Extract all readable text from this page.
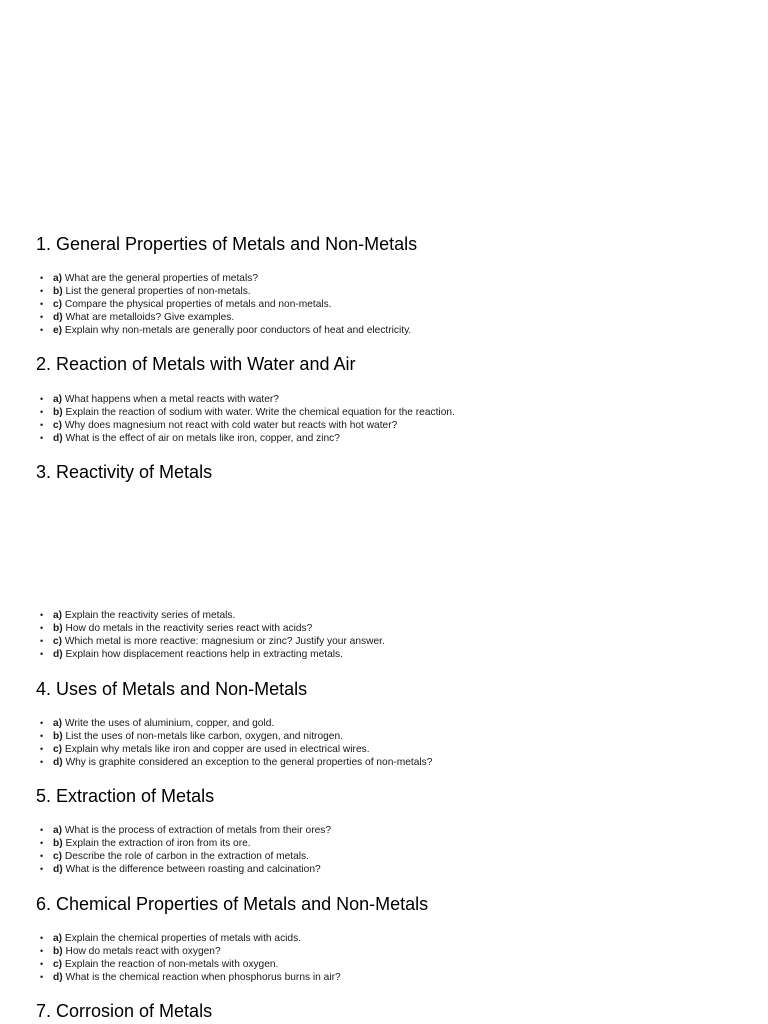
1. General Properties of Metals and Non-Metals
• a) What are the general properties of metals?
• b) List the general properties of non-metals.
• c) Compare the physical properties of metals and non-metals.
• d) What are metalloids? Give examples.
• e) Explain why non-metals are generally poor conductors of heat and electricity.
2. Reaction of Metals with Water and Air
• a) What happens when a metal reacts with water?
• b) Explain the reaction of sodium with water. Write the chemical equation for the reaction.
• c) Why does magnesium not react with cold water but reacts with hot water?
• d) What is the effect of air on metals like iron, copper, and zinc?
3. Reactivity of Metals
• a) Explain the reactivity series of metals.
• b) How do metals in the reactivity series react with acids?
• c) Which metal is more reactive: magnesium or zinc? Justify your answer.
• d) Explain how displacement reactions help in extracting metals.
4. Uses of Metals and Non-Metals
• a) Write the uses of aluminium, copper, and gold.
• b) List the uses of non-metals like carbon, oxygen, and nitrogen.
• c) Explain why metals like iron and copper are used in electrical wires.
• d) Why is graphite considered an exception to the general properties of non-metals?
5. Extraction of Metals
• a) What is the process of extraction of metals from their ores?
• b) Explain the extraction of iron from its ore.
• c) Describe the role of carbon in the extraction of metals.
• d) What is the difference between roasting and calcination?
6. Chemical Properties of Metals and Non-Metals
• a) Explain the chemical properties of metals with acids.
• b) How do metals react with oxygen?
• c) Explain the reaction of non-metals with oxygen.
• d) What is the chemical reaction when phosphorus burns in air?
7. Corrosion of Metals
